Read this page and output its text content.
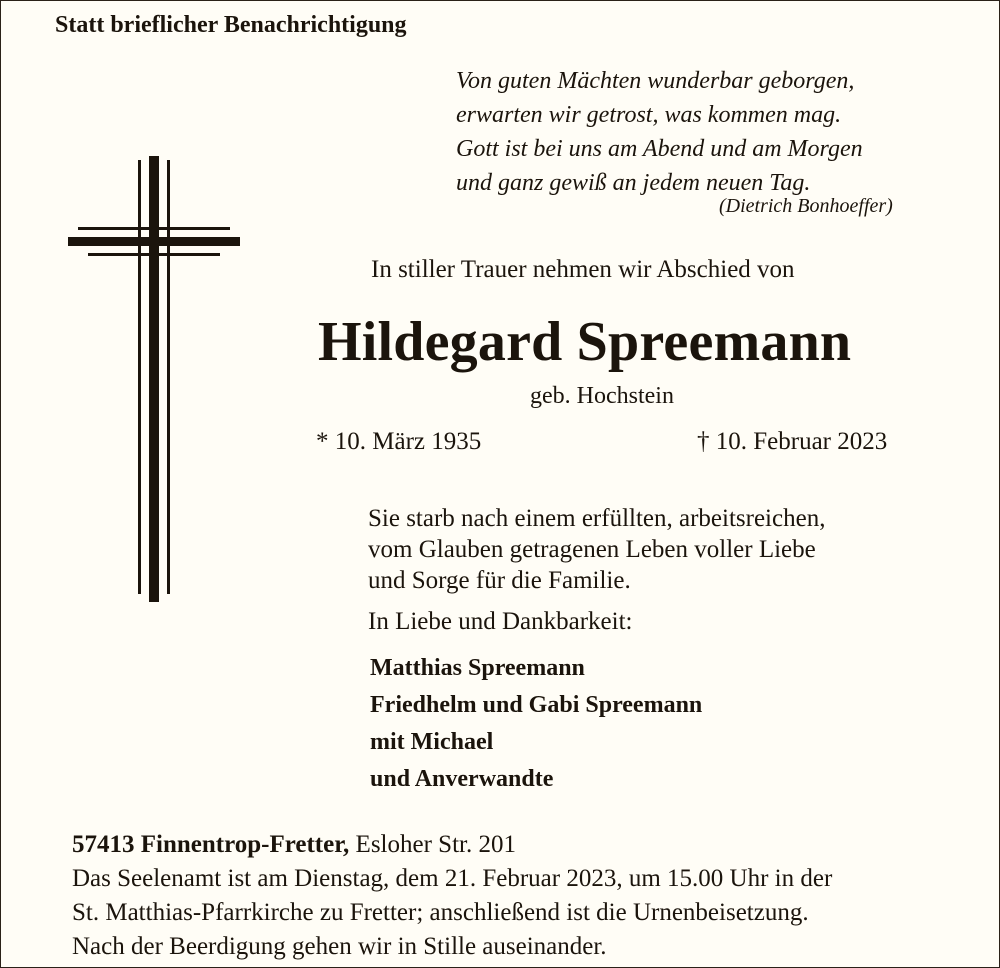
Statt brieflicher Benachrichtigung
Von guten Mächten wunderbar geborgen,
erwarten wir getrost, was kommen mag.
Gott ist bei uns am Abend und am Morgen
und ganz gewiß an jedem neuen Tag.
(Dietrich Bonhoeffer)
In stiller Trauer nehmen wir Abschied von
Hildegard Spreemann
geb. Hochstein
* 10. März 1935	† 10. Februar 2023
Sie starb nach einem erfüllten, arbeitsreichen,
vom Glauben getragenen Leben voller Liebe
und Sorge für die Familie.
In Liebe und Dankbarkeit:
Matthias Spreemann
Friedhelm und Gabi Spreemann
mit Michael
und Anverwandte
57413 Finnentrop-Fretter, Esloher Str. 201
Das Seelenamt ist am Dienstag, dem 21. Februar 2023, um 15.00 Uhr in der
St. Matthias-Pfarrkirche zu Fretter; anschließend ist die Urnenbeisetzung.
Nach der Beerdigung gehen wir in Stille auseinander.
